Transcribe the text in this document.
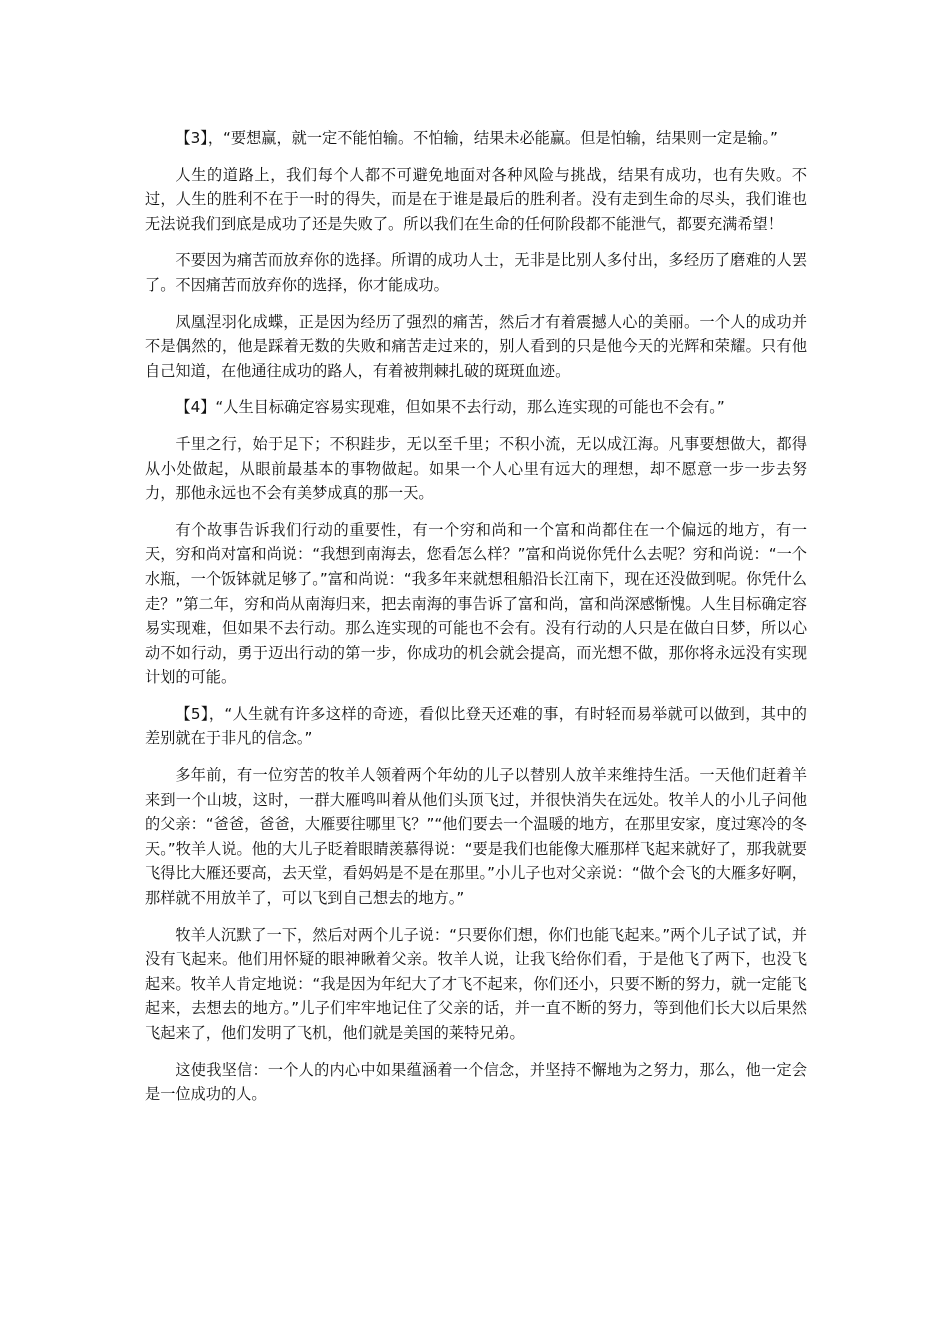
【3】，“要想赢，就一定不能怕输。不怕输，结果未必能赢。但是怕输，结果则一定是输。”

人生的道路上，我们每个人都不可避免地面对各种风险与挑战，结果有成功，也有失败。不过，人生的胜利不在于一时的得失，而是在于谁是最后的胜利者。没有走到生命的尽头，我们谁也无法说我们到底是成功了还是失败了。所以我们在生命的任何阶段都不能泄气，都要充满希望！

不要因为痛苦而放弃你的选择。所谓的成功人士，无非是比别人多付出，多经历了磨难的人罢了。不因痛苦而放弃你的选择，你才能成功。

凤凰涅羽化成蝶，正是因为经历了强烈的痛苦，然后才有着震撼人心的美丽。一个人的成功并不是偶然的，他是踩着无数的失败和痛苦走过来的，别人看到的只是他今天的光辉和荣耀。只有他自己知道，在他通往成功的路人，有着被荆棘扎破的斑斑血迹。

【4】“人生目标确定容易实现难，但如果不去行动，那么连实现的可能也不会有。”

千里之行，始于足下；不积跬步，无以至千里；不积小流，无以成江海。凡事要想做大，都得从小处做起，从眼前最基本的事物做起。如果一个人心里有远大的理想，却不愿意一步一步去努力，那他永远也不会有美梦成真的那一天。

有个故事告诉我们行动的重要性，有一个穷和尚和一个富和尚都住在一个偏远的地方，有一天，穷和尚对富和尚说：“我想到南海去，您看怎么样？”富和尚说你凭什么去呢？穷和尚说：“一个水瓶，一个饭钵就足够了。”富和尚说：“我多年来就想租船沿长江南下，现在还没做到呢。你凭什么走？”第二年，穷和尚从南海归来，把去南海的事告诉了富和尚，富和尚深感惭愧。人生目标确定容易实现难，但如果不去行动。那么连实现的可能也不会有。没有行动的人只是在做白日梦，所以心动不如行动，勇于迈出行动的第一步，你成功的机会就会提高，而光想不做，那你将永远没有实现计划的可能。

【5】，“人生就有许多这样的奇迹，看似比登天还难的事，有时轻而易举就可以做到，其中的差别就在于非凡的信念。”

多年前，有一位穷苦的牧羊人领着两个年幼的儿子以替别人放羊来维持生活。一天他们赶着羊来到一个山坡，这时，一群大雁鸣叫着从他们头顶飞过，并很快消失在远处。牧羊人的小儿子问他的父亲：“爸爸，爸爸，大雁要往哪里飞？”“他们要去一个温暖的地方，在那里安家，度过寒冷的冬天。”牧羊人说。他的大儿子眨着眼睛羡慕得说：“要是我们也能像大雁那样飞起来就好了，那我就要飞得比大雁还要高，去天堂，看妈妈是不是在那里。”小儿子也对父亲说：“做个会飞的大雁多好啊，那样就不用放羊了，可以飞到自己想去的地方。”

牧羊人沉默了一下，然后对两个儿子说：“只要你们想，你们也能飞起来。”两个儿子试了试，并没有飞起来。他们用怀疑的眼神瞅着父亲。牧羊人说，让我飞给你们看，于是他飞了两下，也没飞起来。牧羊人肯定地说：“我是因为年纪大了才飞不起来，你们还小，只要不断的努力，就一定能飞起来，去想去的地方。”儿子们牢牢地记住了父亲的话，并一直不断的努力，等到他们长大以后果然飞起来了，他们发明了飞机，他们就是美国的莱特兄弟。

这使我坚信：一个人的内心中如果蕴涵着一个信念，并坚持不懈地为之努力，那么，他一定会是一位成功的人。
